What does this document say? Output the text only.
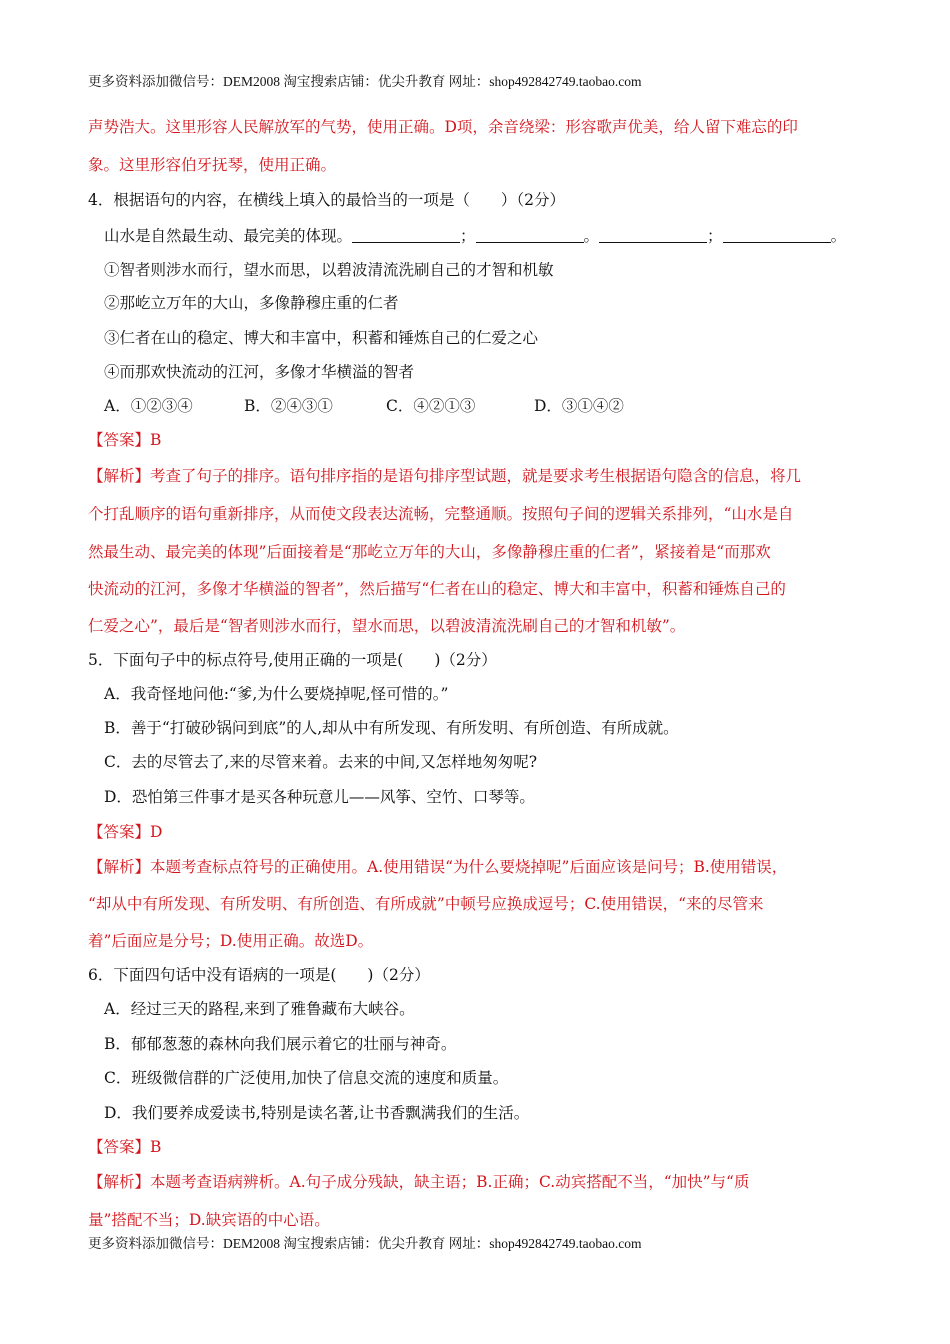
更多资料添加微信号：DEM2008 淘宝搜索店铺：优尖升教育 网址：shop492842749.taobao.com
声势浩大。这里形容人民解放军的气势，使用正确。D项，余音绕梁：形容歌声优美，给人留下难忘的印
象。这里形容伯牙抚琴，使用正确。
4．根据语句的内容，在横线上填入的最恰当的一项是（　　）（2分）
山水是自然最生动、最完美的体现。	；	。	；	。
①智者则涉水而行，望水而思，以碧波清流洗刷自己的才智和机敏
②那屹立万年的大山，多像静穆庄重的仁者
③仁者在山的稳定、博大和丰富中，积蓄和锤炼自己的仁爱之心
④而那欢快流动的江河，多像才华横溢的智者
A．①②③④	B．②④③①	C．④②①③	D．③①④②
【答案】B
【解析】考查了句子的排序。语句排序指的是语句排序型试题，就是要求考生根据语句隐含的信息，将几
个打乱顺序的语句重新排序，从而使文段表达流畅，完整通顺。按照句子间的逻辑关系排列，“山水是自
然最生动、最完美的体现”后面接着是“那屹立万年的大山，多像静穆庄重的仁者”，紧接着是“而那欢
快流动的江河，多像才华横溢的智者”，然后描写“仁者在山的稳定、博大和丰富中，积蓄和锤炼自己的
仁爱之心”，最后是“智者则涉水而行，望水而思，以碧波清流洗刷自己的才智和机敏”。
5．下面句子中的标点符号,使用正确的一项是(　　)（2分）
A．我奇怪地问他:“爹,为什么要烧掉呢,怪可惜的。”
B．善于“打破砂锅问到底”的人,却从中有所发现、有所发明、有所创造、有所成就。
C．去的尽管去了,来的尽管来着。去来的中间,又怎样地匆匆呢?
D．恐怕第三件事才是买各种玩意儿——风筝、空竹、口琴等。
【答案】D
【解析】本题考查标点符号的正确使用。A.使用错误“为什么要烧掉呢”后面应该是问号；B.使用错误，
“却从中有所发现、有所发明、有所创造、有所成就”中顿号应换成逗号；C.使用错误，“来的尽管来
着”后面应是分号；D.使用正确。故选D。
6．下面四句话中没有语病的一项是(　　)（2分）
A．经过三天的路程,来到了雅鲁藏布大峡谷。
B．郁郁葱葱的森林向我们展示着它的壮丽与神奇。
C．班级微信群的广泛使用,加快了信息交流的速度和质量。
D．我们要养成爱读书,特别是读名著,让书香飘满我们的生活。
【答案】B
【解析】本题考查语病辨析。A.句子成分残缺，缺主语；B.正确；C.动宾搭配不当，“加快”与“质
量”搭配不当；D.缺宾语的中心语。
更多资料添加微信号：DEM2008 淘宝搜索店铺：优尖升教育 网址：shop492842749.taobao.com
